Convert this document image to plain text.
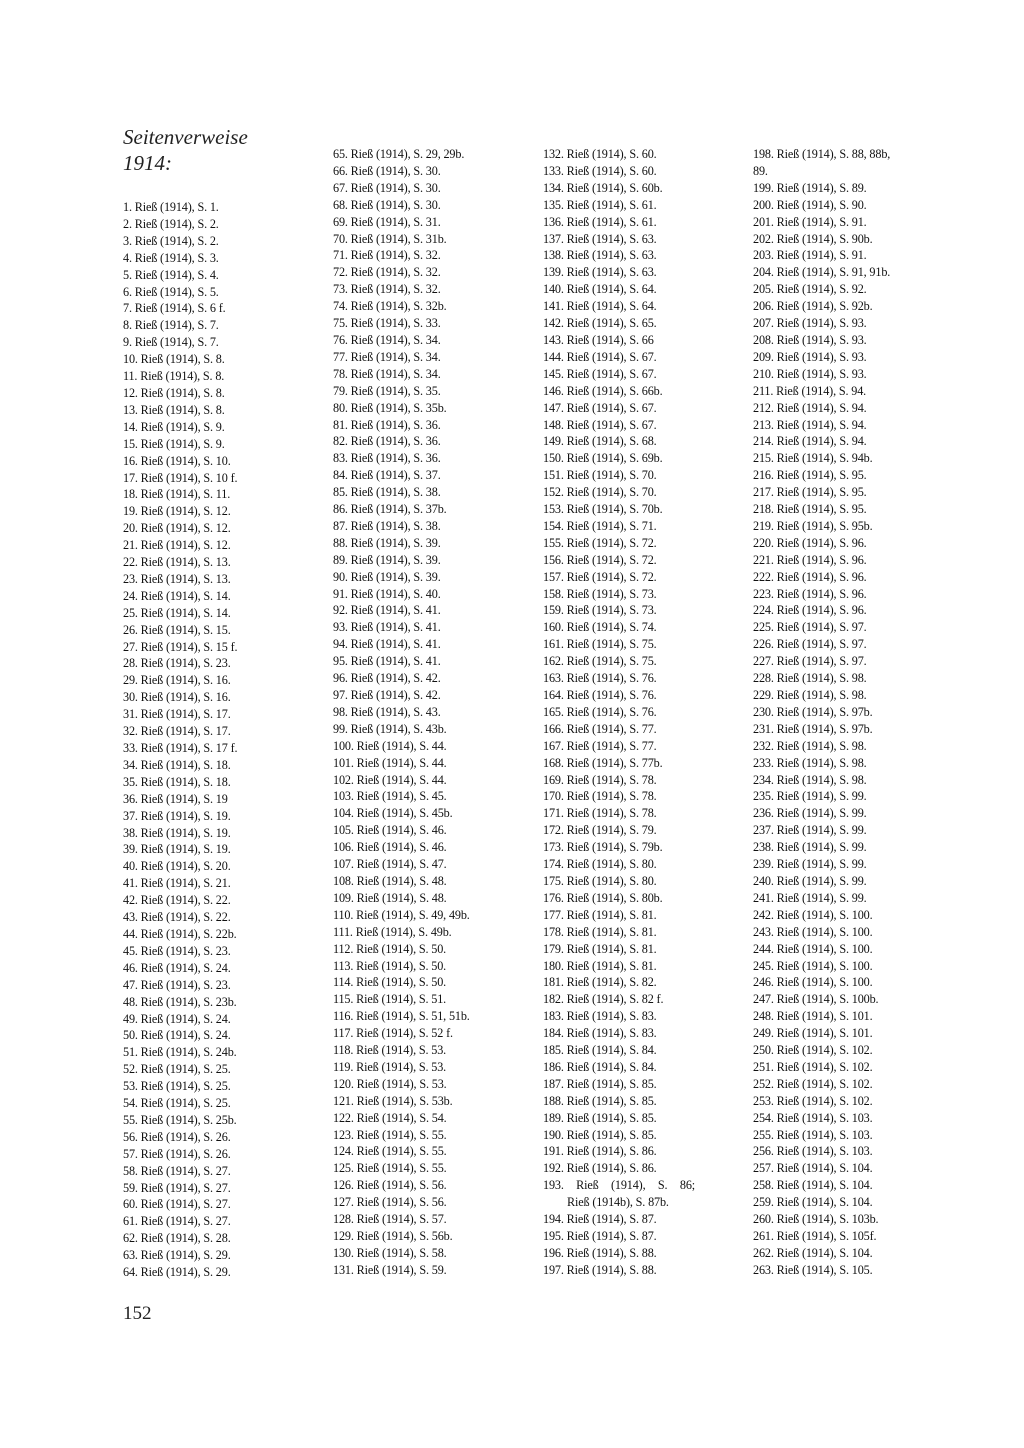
Seitenverweise
1914:
1. Rieß (1914), S. 1.
2. Rieß (1914), S. 2.
3. Rieß (1914), S. 2.
4. Rieß (1914), S. 3.
5. Rieß (1914), S. 4.
6. Rieß (1914), S. 5.
7. Rieß (1914), S. 6 f.
8. Rieß (1914), S. 7.
9. Rieß (1914), S. 7.
10. Rieß (1914), S. 8.
11. Rieß (1914), S. 8.
12. Rieß (1914), S. 8.
13. Rieß (1914), S. 8.
14. Rieß (1914), S. 9.
15. Rieß (1914), S. 9.
16. Rieß (1914), S. 10.
17. Rieß (1914), S. 10 f.
18. Rieß (1914), S. 11.
19. Rieß (1914), S. 12.
20. Rieß (1914), S. 12.
21. Rieß (1914), S. 12.
22. Rieß (1914), S. 13.
23. Rieß (1914), S. 13.
24. Rieß (1914), S. 14.
25. Rieß (1914), S. 14.
26. Rieß (1914), S. 15.
27. Rieß (1914), S. 15 f.
28. Rieß (1914), S. 23.
29. Rieß (1914), S. 16.
30. Rieß (1914), S. 16.
31. Rieß (1914), S. 17.
32. Rieß (1914), S. 17.
33. Rieß (1914), S. 17 f.
34. Rieß (1914), S. 18.
35. Rieß (1914), S. 18.
36. Rieß (1914), S. 19
37. Rieß (1914), S. 19.
38. Rieß (1914), S. 19.
39. Rieß (1914), S. 19.
40. Rieß (1914), S. 20.
41. Rieß (1914), S. 21.
42. Rieß (1914), S. 22.
43. Rieß (1914), S. 22.
44. Rieß (1914), S. 22b.
45. Rieß (1914), S. 23.
46. Rieß (1914), S. 24.
47. Rieß (1914), S. 23.
48. Rieß (1914), S. 23b.
49. Rieß (1914), S. 24.
50. Rieß (1914), S. 24.
51. Rieß (1914), S. 24b.
52. Rieß (1914), S. 25.
53. Rieß (1914), S. 25.
54. Rieß (1914), S. 25.
55. Rieß (1914), S. 25b.
56. Rieß (1914), S. 26.
57. Rieß (1914), S. 26.
58. Rieß (1914), S. 27.
59. Rieß (1914), S. 27.
60. Rieß (1914), S. 27.
61. Rieß (1914), S. 27.
62. Rieß (1914), S. 28.
63. Rieß (1914), S. 29.
64. Rieß (1914), S. 29.
65. Rieß (1914), S. 29, 29b.
66. Rieß (1914), S. 30.
67. Rieß (1914), S. 30.
68. Rieß (1914), S. 30.
69. Rieß (1914), S. 31.
70. Rieß (1914), S. 31b.
71. Rieß (1914), S. 32.
72. Rieß (1914), S. 32.
73. Rieß (1914), S. 32.
74. Rieß (1914), S. 32b.
75. Rieß (1914), S. 33.
76. Rieß (1914), S. 34.
77. Rieß (1914), S. 34.
78. Rieß (1914), S. 34.
79. Rieß (1914), S. 35.
80. Rieß (1914), S. 35b.
81. Rieß (1914), S. 36.
82. Rieß (1914), S. 36.
83. Rieß (1914), S. 36.
84. Rieß (1914), S. 37.
85. Rieß (1914), S. 38.
86. Rieß (1914), S. 37b.
87. Rieß (1914), S. 38.
88. Rieß (1914), S. 39.
89. Rieß (1914), S. 39.
90. Rieß (1914), S. 39.
91. Rieß (1914), S. 40.
92. Rieß (1914), S. 41.
93. Rieß (1914), S. 41.
94. Rieß (1914), S. 41.
95. Rieß (1914), S. 41.
96. Rieß (1914), S. 42.
97. Rieß (1914), S. 42.
98. Rieß (1914), S. 43.
99. Rieß (1914), S. 43b.
100. Rieß (1914), S. 44.
101. Rieß (1914), S. 44.
102. Rieß (1914), S. 44.
103. Rieß (1914), S. 45.
104. Rieß (1914), S. 45b.
105. Rieß (1914), S. 46.
106. Rieß (1914), S. 46.
107. Rieß (1914), S. 47.
108. Rieß (1914), S. 48.
109. Rieß (1914), S. 48.
110. Rieß (1914), S. 49, 49b.
111. Rieß (1914), S. 49b.
112. Rieß (1914), S. 50.
113. Rieß (1914), S. 50.
114. Rieß (1914), S. 50.
115. Rieß (1914), S. 51.
116. Rieß (1914), S. 51, 51b.
117. Rieß (1914), S. 52 f.
118. Rieß (1914), S. 53.
119. Rieß (1914), S. 53.
120. Rieß (1914), S. 53.
121. Rieß (1914), S. 53b.
122. Rieß (1914), S. 54.
123. Rieß (1914), S. 55.
124. Rieß (1914), S. 55.
125. Rieß (1914), S. 55.
126. Rieß (1914), S. 56.
127. Rieß (1914), S. 56.
128. Rieß (1914), S. 57.
129. Rieß (1914), S. 56b.
130. Rieß (1914), S. 58.
131. Rieß (1914), S. 59.
132. Rieß (1914), S. 60.
133. Rieß (1914), S. 60.
134. Rieß (1914), S. 60b.
135. Rieß (1914), S. 61.
136. Rieß (1914), S. 61.
137. Rieß (1914), S. 63.
138. Rieß (1914), S. 63.
139. Rieß (1914), S. 63.
140. Rieß (1914), S. 64.
141. Rieß (1914), S. 64.
142. Rieß (1914), S. 65.
143. Rieß (1914), S. 66
144. Rieß (1914), S. 67.
145. Rieß (1914), S. 67.
146. Rieß (1914), S. 66b.
147. Rieß (1914), S. 67.
148. Rieß (1914), S. 67.
149. Rieß (1914), S. 68.
150. Rieß (1914), S. 69b.
151. Rieß (1914), S. 70.
152. Rieß (1914), S. 70.
153. Rieß (1914), S. 70b.
154. Rieß (1914), S. 71.
155. Rieß (1914), S. 72.
156. Rieß (1914), S. 72.
157. Rieß (1914), S. 72.
158. Rieß (1914), S. 73.
159. Rieß (1914), S. 73.
160. Rieß (1914), S. 74.
161. Rieß (1914), S. 75.
162. Rieß (1914), S. 75.
163. Rieß (1914), S. 76.
164. Rieß (1914), S. 76.
165. Rieß (1914), S. 76.
166. Rieß (1914), S. 77.
167. Rieß (1914), S. 77.
168. Rieß (1914), S. 77b.
169. Rieß (1914), S. 78.
170. Rieß (1914), S. 78.
171. Rieß (1914), S. 78.
172. Rieß (1914), S. 79.
173. Rieß (1914), S. 79b.
174. Rieß (1914), S. 80.
175. Rieß (1914), S. 80.
176. Rieß (1914), S. 80b.
177. Rieß (1914), S. 81.
178. Rieß (1914), S. 81.
179. Rieß (1914), S. 81.
180. Rieß (1914), S. 81.
181. Rieß (1914), S. 82.
182. Rieß (1914), S. 82 f.
183. Rieß (1914), S. 83.
184. Rieß (1914), S. 83.
185. Rieß (1914), S. 84.
186. Rieß (1914), S. 84.
187. Rieß (1914), S. 85.
188. Rieß (1914), S. 85.
189. Rieß (1914), S. 85.
190. Rieß (1914), S. 85.
191. Rieß (1914), S. 86.
192. Rieß (1914), S. 86.
193. Rieß (1914), S. 86;
Rieß (1914b), S. 87b.
194. Rieß (1914), S. 87.
195. Rieß (1914), S. 87.
196. Rieß (1914), S. 88.
197. Rieß (1914), S. 88.
198. Rieß (1914), S. 88, 88b,
89.
199. Rieß (1914), S. 89.
200. Rieß (1914), S. 90.
201. Rieß (1914), S. 91.
202. Rieß (1914), S. 90b.
203. Rieß (1914), S. 91.
204. Rieß (1914), S. 91, 91b.
205. Rieß (1914), S. 92.
206. Rieß (1914), S. 92b.
207. Rieß (1914), S. 93.
208. Rieß (1914), S. 93.
209. Rieß (1914), S. 93.
210. Rieß (1914), S. 93.
211. Rieß (1914), S. 94.
212. Rieß (1914), S. 94.
213. Rieß (1914), S. 94.
214. Rieß (1914), S. 94.
215. Rieß (1914), S. 94b.
216. Rieß (1914), S. 95.
217. Rieß (1914), S. 95.
218. Rieß (1914), S. 95.
219. Rieß (1914), S. 95b.
220. Rieß (1914), S. 96.
221. Rieß (1914), S. 96.
222. Rieß (1914), S. 96.
223. Rieß (1914), S. 96.
224. Rieß (1914), S. 96.
225. Rieß (1914), S. 97.
226. Rieß (1914), S. 97.
227. Rieß (1914), S. 97.
228. Rieß (1914), S. 98.
229. Rieß (1914), S. 98.
230. Rieß (1914), S. 97b.
231. Rieß (1914), S. 97b.
232. Rieß (1914), S. 98.
233. Rieß (1914), S. 98.
234. Rieß (1914), S. 98.
235. Rieß (1914), S. 99.
236. Rieß (1914), S. 99.
237. Rieß (1914), S. 99.
238. Rieß (1914), S. 99.
239. Rieß (1914), S. 99.
240. Rieß (1914), S. 99.
241. Rieß (1914), S. 99.
242. Rieß (1914), S. 100.
243. Rieß (1914), S. 100.
244. Rieß (1914), S. 100.
245. Rieß (1914), S. 100.
246. Rieß (1914), S. 100.
247. Rieß (1914), S. 100b.
248. Rieß (1914), S. 101.
249. Rieß (1914), S. 101.
250. Rieß (1914), S. 102.
251. Rieß (1914), S. 102.
252. Rieß (1914), S. 102.
253. Rieß (1914), S. 102.
254. Rieß (1914), S. 103.
255. Rieß (1914), S. 103.
256. Rieß (1914), S. 103.
257. Rieß (1914), S. 104.
258. Rieß (1914), S. 104.
259. Rieß (1914), S. 104.
260. Rieß (1914), S. 103b.
261. Rieß (1914), S. 105f.
262. Rieß (1914), S. 104.
263. Rieß (1914), S. 105.
152
